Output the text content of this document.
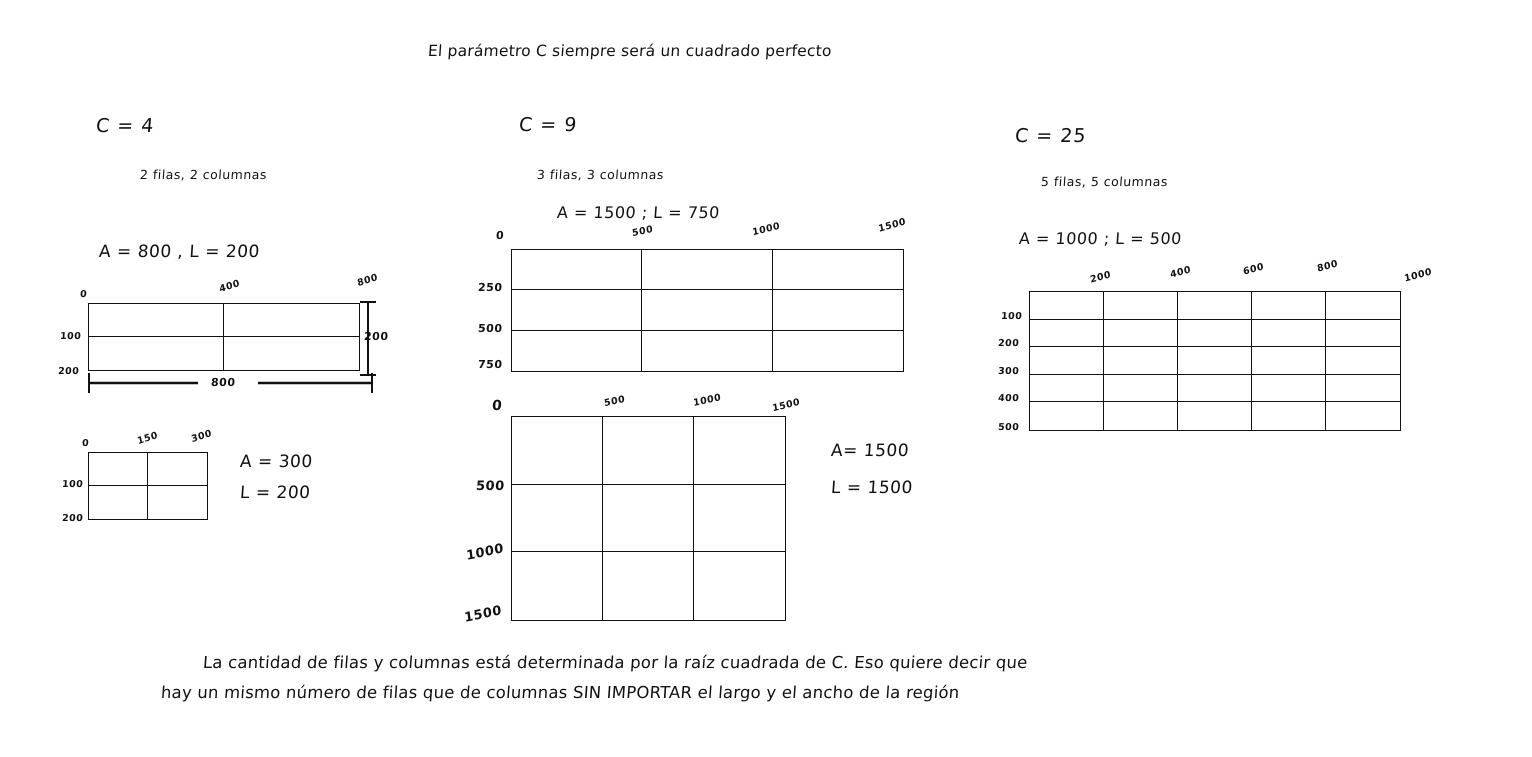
El parámetro C siempre será un cuadrado perfecto
C = 4
2 filas, 2 columnas
A = 800 , L = 200
0	400	800
100
200
200
800
0	150	300
100
200
A = 300
L = 200
C = 9
3 filas, 3 columnas
A = 1500 ; L = 750
0	500	1000	1500
250
500
750
0	500	1000	1500
500
1000
1500
A= 1500
L = 1500
C = 25
5 filas, 5 columnas
A = 1000 ; L = 500
200	400	600	800	1000
100
200
300
400
500
La cantidad de filas y columnas está determinada por la raíz cuadrada de C. Eso quiere decir que
hay un mismo número de filas que de columnas SIN IMPORTAR el largo y el ancho de la región
